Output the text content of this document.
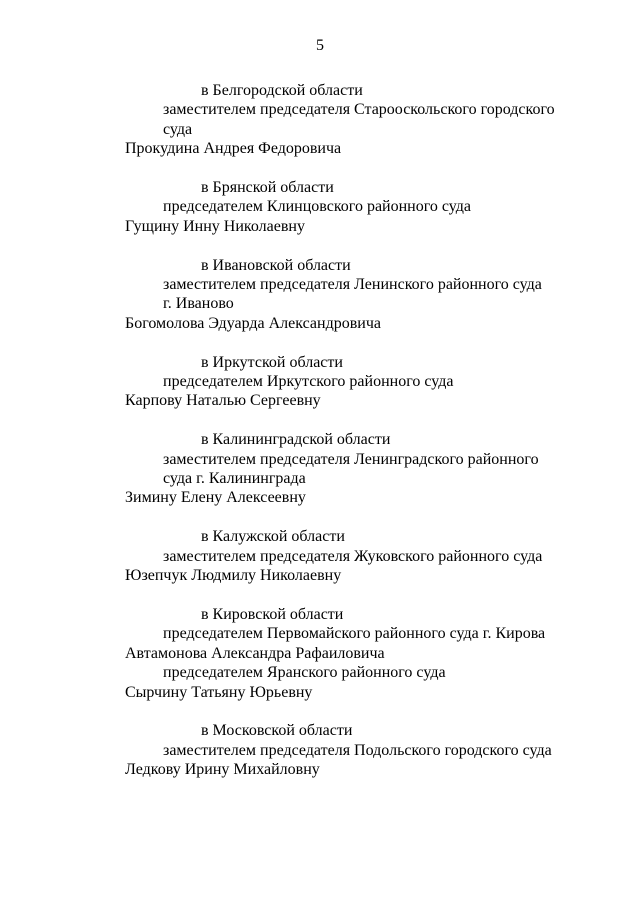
5
в Белгородской области
заместителем председателя Старооскольского городского
суда
Прокудина Андрея Федоровича
в Брянской области
председателем Клинцовского районного суда
Гущину Инну Николаевну
в Ивановской области
заместителем председателя Ленинского районного суда
г. Иваново
Богомолова Эдуарда Александровича
в Иркутской области
председателем Иркутского районного суда
Карпову Наталью Сергеевну
в Калининградской области
заместителем председателя Ленинградского районного
суда г. Калининграда
Зимину Елену Алексеевну
в Калужской области
заместителем председателя Жуковского районного суда
Юзепчук Людмилу Николаевну
в Кировской области
председателем Первомайского районного суда г. Кирова
Автамонова Александра Рафаиловича
председателем Яранского районного суда
Сырчину Татьяну Юрьевну
в Московской области
заместителем председателя Подольского городского суда
Ледкову Ирину Михайловну
